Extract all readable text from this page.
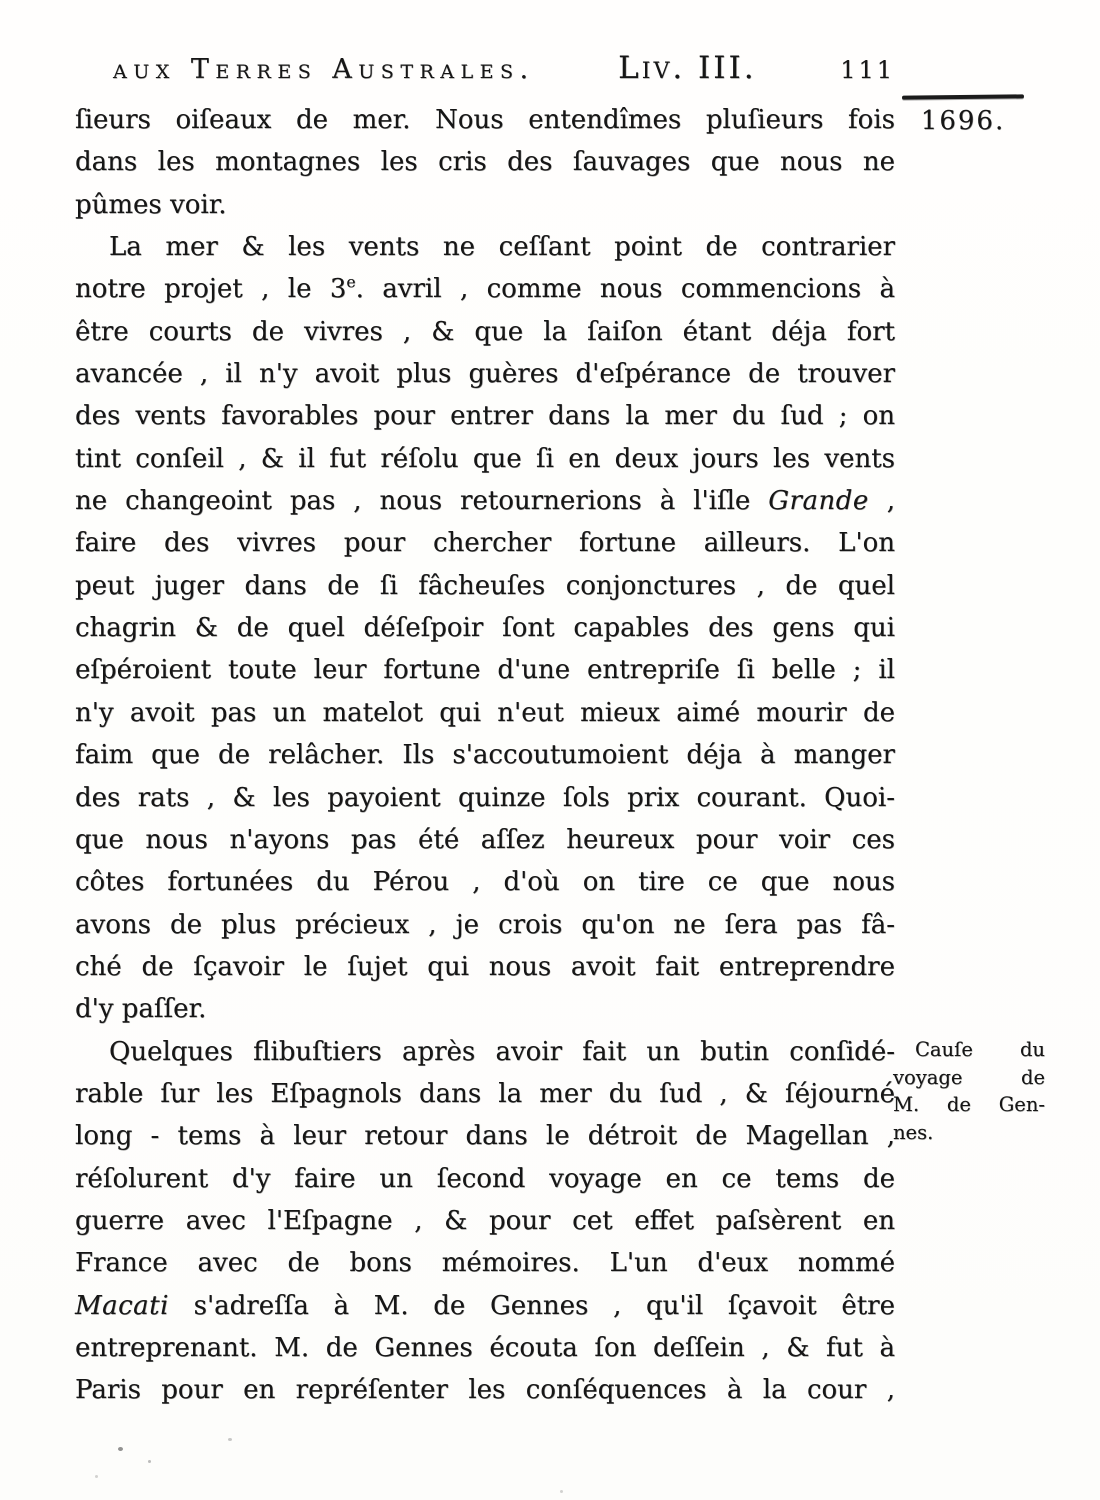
aux Terres Australes.	Liv. III.	111
1696.
ſieurs oiſeaux de mer. Nous entendîmes pluſieurs fois
dans les montagnes les cris des ſauvages que nous ne
pûmes voir.
La mer & les vents ne ceſſant point de contrarier
notre projet , le 3e. avril , comme nous commencions à
être courts de vivres , & que la ſaiſon étant déja fort
avancée , il n'y avoit plus guères d'eſpérance de trouver
des vents favorables pour entrer dans la mer du ſud ; on
tint conſeil , & il fut réſolu que ſi en deux jours les vents
ne changeoint pas , nous retournerions à l'iſle Grande ,
faire des vivres pour chercher fortune ailleurs. L'on
peut juger dans de ſi fâcheuſes conjonctures , de quel
chagrin & de quel déſeſpoir ſont capables des gens qui
eſpéroient toute leur fortune d'une entrepriſe ſi belle ; il
n'y avoit pas un matelot qui n'eut mieux aimé mourir de
faim que de relâcher. Ils s'accoutumoient déja à manger
des rats , & les payoient quinze ſols prix courant. Quoi-
que nous n'ayons pas été aſſez heureux pour voir ces
côtes fortunées du Pérou , d'où on tire ce que nous
avons de plus précieux , je crois qu'on ne ſera pas fâ-
ché de ſçavoir le ſujet qui nous avoit fait entreprendre
d'y paſſer.
Quelques flibuſtiers après avoir fait un butin conſidé-
rable ſur les Eſpagnols dans la mer du ſud , & ſéjourné
long - tems à leur retour dans le détroit de Magellan ,
réſolurent d'y faire un ſecond voyage en ce tems de
guerre avec l'Eſpagne , & pour cet effet paſsèrent en
France avec de bons mémoires. L'un d'eux nommé
Macati s'adreſſa à M. de Gennes , qu'il ſçavoit être
entreprenant. M. de Gennes écouta ſon deſſein , & fut à
Paris pour en repréſenter les conſéquences à la cour ,
Cauſe du
voyage de
M. de Gen-
nes.
